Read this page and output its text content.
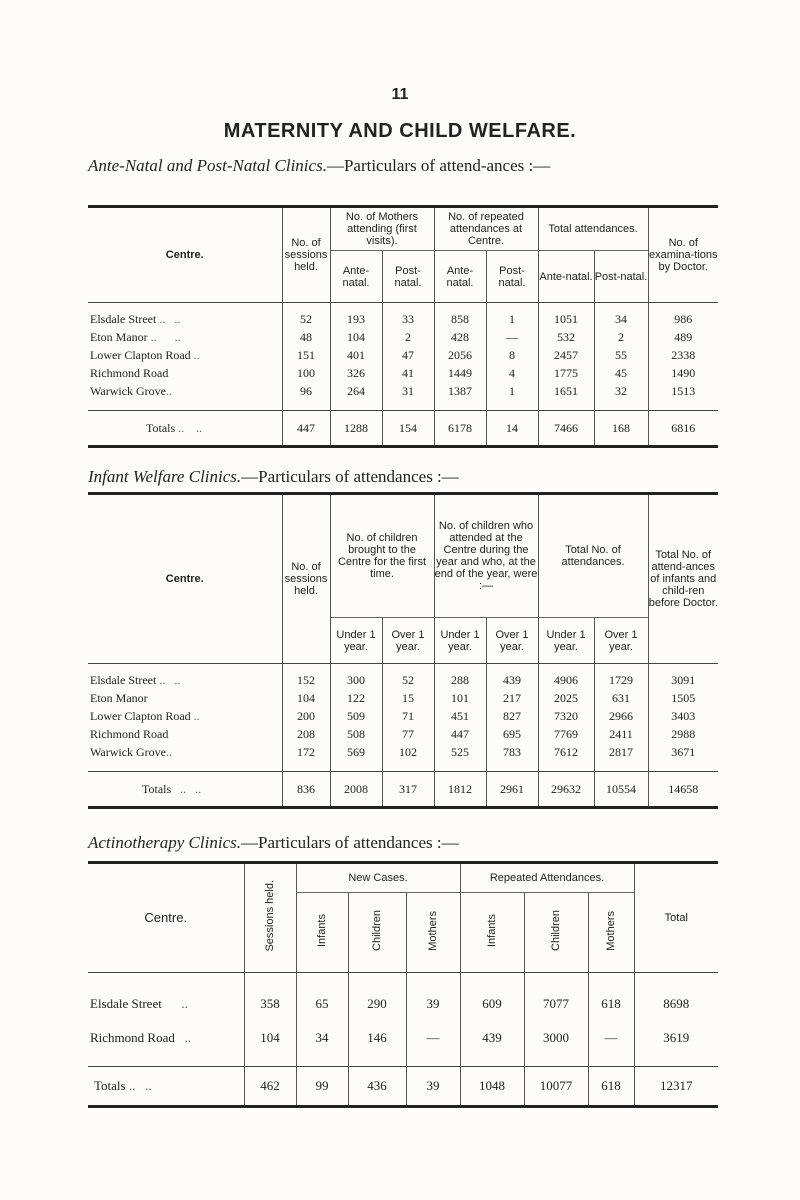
11
MATERNITY AND CHILD WELFARE.
Ante-Natal and Post-Natal Clinics.—Particulars of attend-ances :—
Centre.	No. of sessions held.	No. of Mothers attending (first visits).		No. of repeated attendances at Centre.		Total attendances.		No. of examina-tions by Doctor.
		Ante-natal.	Post-natal.	Ante-natal.	Post-natal.	Ante-natal.	Post-natal.	

Elsdale Street ..   ..	52	193	33	858	1	1051	34	986
Eton Manor ..      ..	48	104	2	428	—	532	2	489
Lower Clapton Road ..	151	401	47	2056	8	2457	55	2338
Richmond Road	100	326	41	1449	4	1775	45	1490
Warwick Grove..	96	264	31	1387	1	1651	32	1513

Totals ..    ..	447	1288	154	6178	14	7466	168	6816
Infant Welfare Clinics.—Particulars of attendances :—
Centre.	No. of sessions held.	No. of children brought to the Centre for the first time.		No. of children who attended at the Centre during the year and who, at the end of the year, were :—		Total No. of attendances.		Total No. of attend-ances of infants and child-ren before Doctor.
		Under 1 year.	Over 1 year.	Under 1 year.	Over 1 year.	Under 1 year.	Over 1 year.	

Elsdale Street ..   ..	152	300	52	288	439	4906	1729	3091
Eton Manor	104	122	15	101	217	2025	631	1505
Lower Clapton Road ..	200	509	71	451	827	7320	2966	3403
Richmond Road	208	508	77	447	695	7769	2411	2988
Warwick Grove..	172	569	102	525	783	7612	2817	3671

Totals   ..   ..	836	2008	317	1812	2961	29632	10554	14658
Actinotherapy Clinics.—Particulars of attendances :—
Centre.	Sessions held.	New Cases.			Repeated Attendances.			Total
		Infants	Children	Mothers	Infants	Children	Mothers	

Elsdale Street      ..	358	65	290	39	609	7077	618	8698
Richmond Road   ..	104	34	146	—	439	3000	—	3619

Totals ..   ..	462	99	436	39	1048	10077	618	12317
